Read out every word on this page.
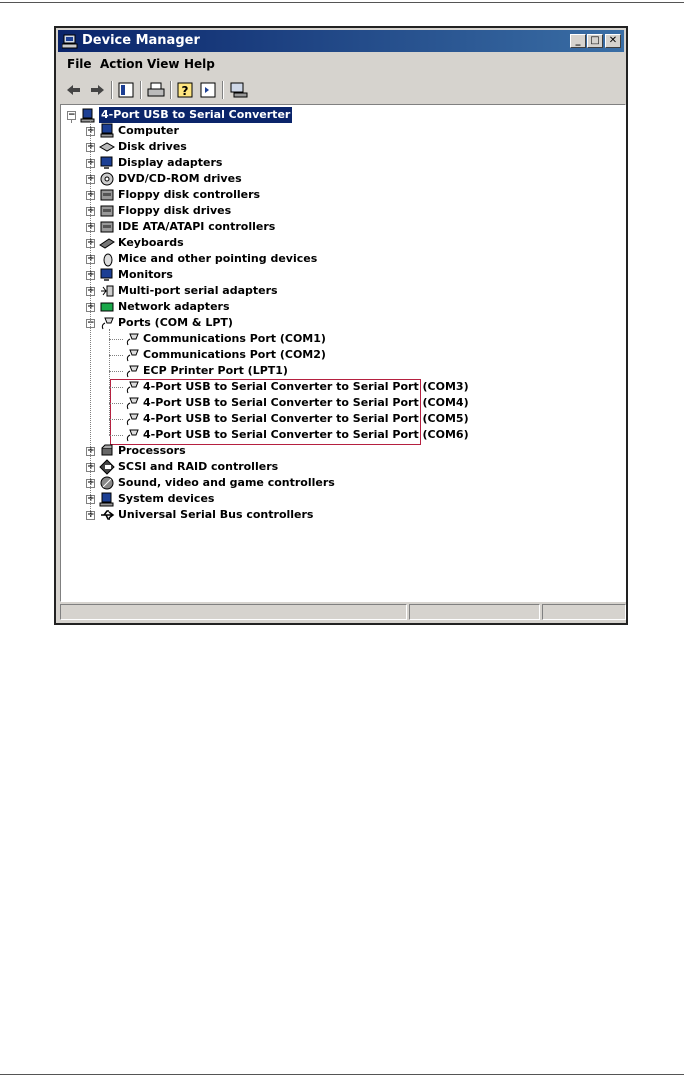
Device Manager	_ □ ✕
File Action View Help
?
− 4-Port USB to Serial Converter
+ Computer
+ Disk drives
+ Display adapters
+ DVD/CD-ROM drives
+ Floppy disk controllers
+ Floppy disk drives
+ IDE ATA/ATAPI controllers
+ Keyboards
+ Mice and other pointing devices
+ Monitors
+ Multi-port serial adapters
+ Network adapters
− Ports (COM & LPT)
Communications Port (COM1)
Communications Port (COM2)
ECP Printer Port (LPT1)
4-Port USB to Serial Converter to Serial Port (COM3)
4-Port USB to Serial Converter to Serial Port (COM4)
4-Port USB to Serial Converter to Serial Port (COM5)
4-Port USB to Serial Converter to Serial Port (COM6)
+ Processors
+ SCSI and RAID controllers
+ Sound, video and game controllers
+ System devices
+ Universal Serial Bus controllers
